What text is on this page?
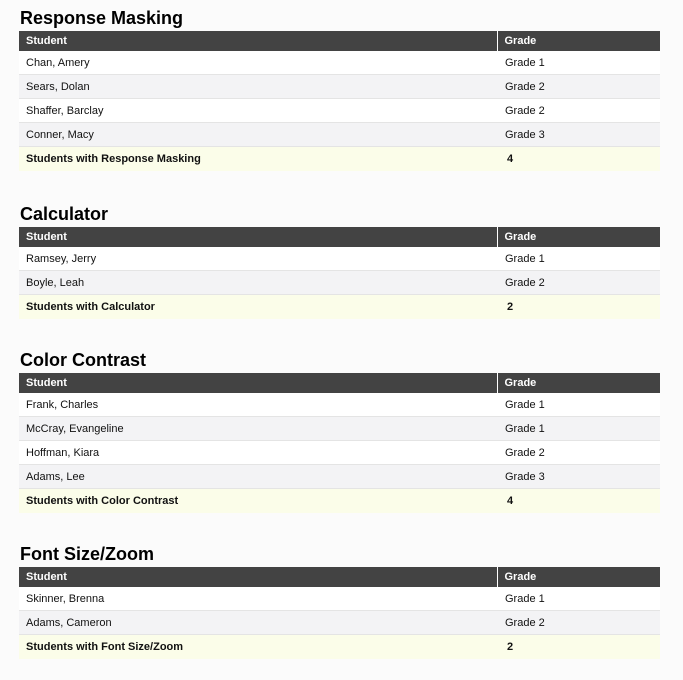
Response Masking
Student	Grade
Chan, Amery	Grade 1
Sears, Dolan	Grade 2
Shaffer, Barclay	Grade 2
Conner, Macy	Grade 3
Students with Response Masking	4
Calculator
Student	Grade
Ramsey, Jerry	Grade 1
Boyle, Leah	Grade 2
Students with Calculator	2
Color Contrast
Student	Grade
Frank, Charles	Grade 1
McCray, Evangeline	Grade 1
Hoffman, Kiara	Grade 2
Adams, Lee	Grade 3
Students with Color Contrast	4
Font Size/Zoom
Student	Grade
Skinner, Brenna	Grade 1
Adams, Cameron	Grade 2
Students with Font Size/Zoom	2
